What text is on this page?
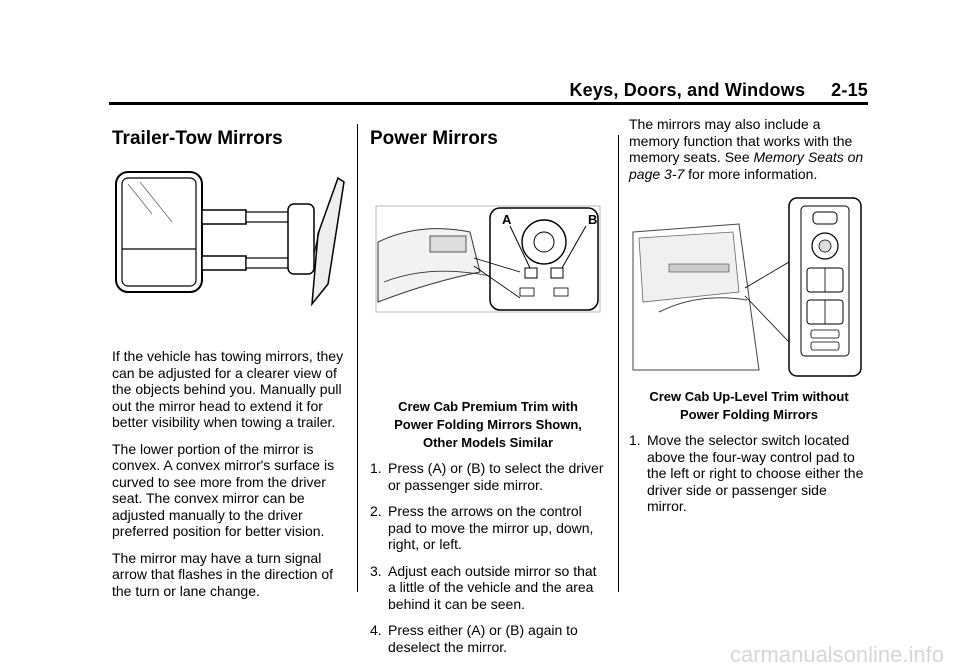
Keys, Doors, and Windows 2-15
Trailer-Tow Mirrors

If the vehicle has towing mirrors, they can be adjusted for a clearer view of the objects behind you. Manually pull out the mirror head to extend it for better visibility when towing a trailer.

The lower portion of the mirror is convex. A convex mirror's surface is curved to see more from the driver seat. The convex mirror can be adjusted manually to the driver preferred position for better vision.

The mirror may have a turn signal arrow that flashes in the direction of the turn or lane change.

Power Mirrors
A	B
Crew Cab Premium Trim with
Power Folding Mirrors Shown,
Other Models Similar
1. Press (A) or (B) to select the driver or passenger side mirror.
2. Press the arrows on the control pad to move the mirror up, down, right, or left.
3. Adjust each outside mirror so that a little of the vehicle and the area behind it can be seen.
4. Press either (A) or (B) again to deselect the mirror.

The mirrors may also include a memory function that works with the memory seats. See Memory Seats on page 3-7 for more information.

Crew Cab Up-Level Trim without
Power Folding Mirrors
1. Move the selector switch located above the four-way control pad to the left or right to choose either the driver side or passenger side mirror.
carmanualsonline.info
